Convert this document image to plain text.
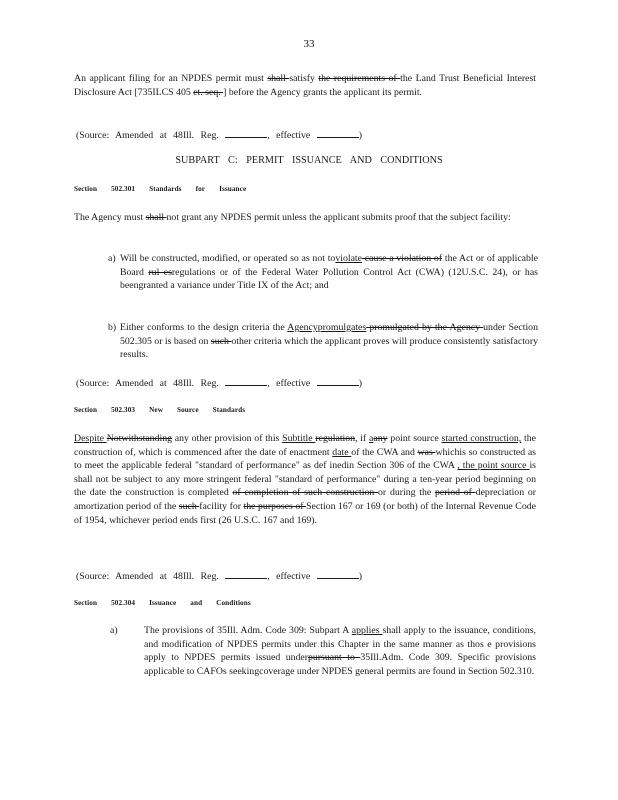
33
An applicant filing for an NPDES permit must shall satisfy the requirements of the Land Trust Beneficial Interest Disclosure Act [735ILCS 405 et. seq. ] before the Agency grants the applicant its permit.
(Source: Amended at 48Ill. Reg.	, effective	)
SUBPART C: PERMIT ISSUANCE AND CONDITIONS
Section 502.301 Standards for Issuance
The Agency must shall not grant any NPDES permit unless the applicant submits proof that the subject facility:
a) Will be constructed, modified, or operated so as not toviolate cause a violation of the Act or of applicable Board rul esregulations or of the Federal Water Pollution Control Act (CWA) (12U.S.C. 24), or has beengranted a variance under Title IX of the Act; and
b) Either conforms to the design criteria the Agencypromulgates promulgated by the Agency under Section 502.305 or is based on such other criteria which the applicant proves will produce consistently satisfactory results.
(Source: Amended at 48Ill. Reg.	, effective	)
Section 502.303 New Source Standards
Despite Notwithstanding any other provision of this Subtitle regulation, if aany point source started construction, the construction of, which is commenced after the date of enactment date of the CWA and was whichis so constructed as to meet the applicable federal "standard of performance" as def inedin Section 306 of the CWA , the point source is shall not be subject to any more stringent federal "standard of performance" during a ten-year period beginning on the date the construction is completed of completion of such construction or during the period of depreciation or amortization period of the such facility for the purposes of Section 167 or 169 (or both) of the Internal Revenue Code of 1954, whichever period ends first (26 U.S.C. 167 and 169).
(Source: Amended at 48Ill. Reg.	, effective	)
Section 502.304 Issuance and Conditions
a)	The provisions of 35Ill. Adm. Code 309: Subpart A applies shall apply to the issuance, conditions, and modification of NPDES permits under this Chapter in the same manner as thos e provisions apply to NPDES permits issued underpursuant to 35Ill.Adm. Code 309. Specific provisions applicable to CAFOs seekingcoverage under NPDES general permits are found in Section 502.310.
